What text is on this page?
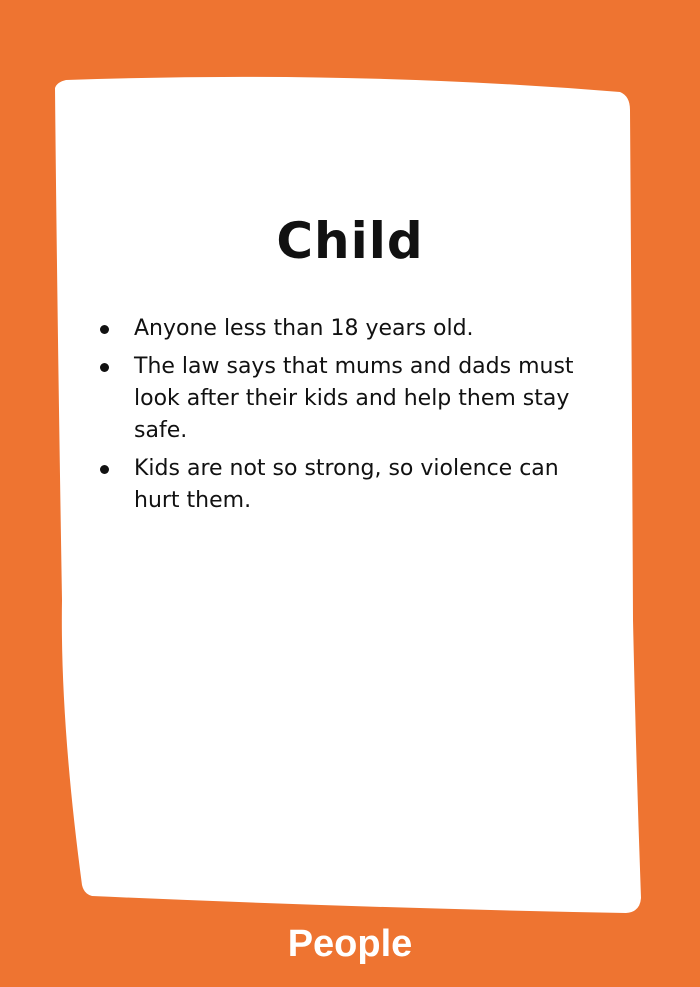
Child
Anyone less than 18 years old.
The law says that mums and dads must look after their kids and help them stay safe.
Kids are not so strong, so violence can hurt them.

People
